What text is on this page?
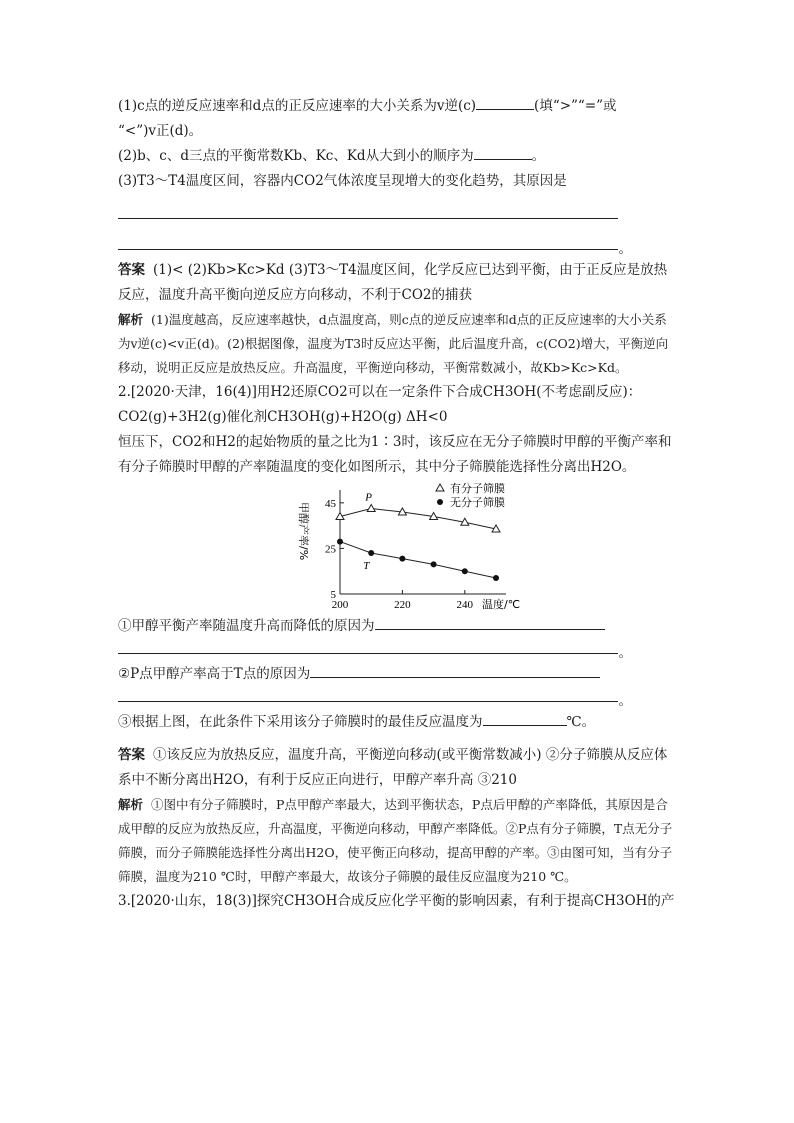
(1)c点的逆反应速率和d点的正反应速率的大小关系为v逆(c)	(填“>”“=”或

“<”)v正(d)。

(2)b、c、d三点的平衡常数Kb、Kc、Kd从大到小的顺序为	。

(3)T3～T4温度区间，容器内CO2气体浓度呈现增大的变化趋势，其原因是

。

答案 (1)< (2)Kb>Kc>Kd (3)T3～T4温度区间，化学反应已达到平衡，由于正反应是放热反应，温度升高平衡向逆反应方向移动，不利于CO2的捕获

解析 (1)温度越高，反应速率越快，d点温度高，则c点的逆反应速率和d点的正反应速率的大小关系为v逆(c)<v正(d)。(2)根据图像，温度为T3时反应达平衡，此后温度升高，c(CO2)增大，平衡逆向移动，说明正反应是放热反应。升高温度，平衡逆向移动，平衡常数减小，故Kb>Kc>Kd。

2.[2020·天津，16(4)]用H2还原CO2可以在一定条件下合成CH3OH(不考虑副反应)：CO2(g)+3H2(g)催化剂CH3OH(g)+H2O(g) ΔH<0

恒压下，CO2和H2的起始物质的量之比为1∶3时，该反应在无分子筛膜时甲醇的平衡产率和有分子筛膜时甲醇的产率随温度的变化如图所示，其中分子筛膜能选择性分离出H2O。

5
25
45
200	220	240 温度/℃
甲醇产率/%
有分子筛膜
无分子筛膜
P
T

①甲醇平衡产率随温度升高而降低的原因为

。

②P点甲醇产率高于T点的原因为

。

③根据上图，在此条件下采用该分子筛膜时的最佳反应温度为	℃。

答案 ①该反应为放热反应，温度升高，平衡逆向移动(或平衡常数减小) ②分子筛膜从反应体系中不断分离出H2O，有利于反应正向进行，甲醇产率升高 ③210

解析 ①图中有分子筛膜时，P点甲醇产率最大，达到平衡状态，P点后甲醇的产率降低，其原因是合成甲醇的反应为放热反应，升高温度，平衡逆向移动，甲醇产率降低。②P点有分子筛膜，T点无分子筛膜，而分子筛膜能选择性分离出H2O，使平衡正向移动，提高甲醇的产率。③由图可知，当有分子筛膜，温度为210 ℃时，甲醇产率最大，故该分子筛膜的最佳反应温度为210 ℃。

3.[2020·山东，18(3)]探究CH3OH合成反应化学平衡的影响因素，有利于提高CH3OH的产
